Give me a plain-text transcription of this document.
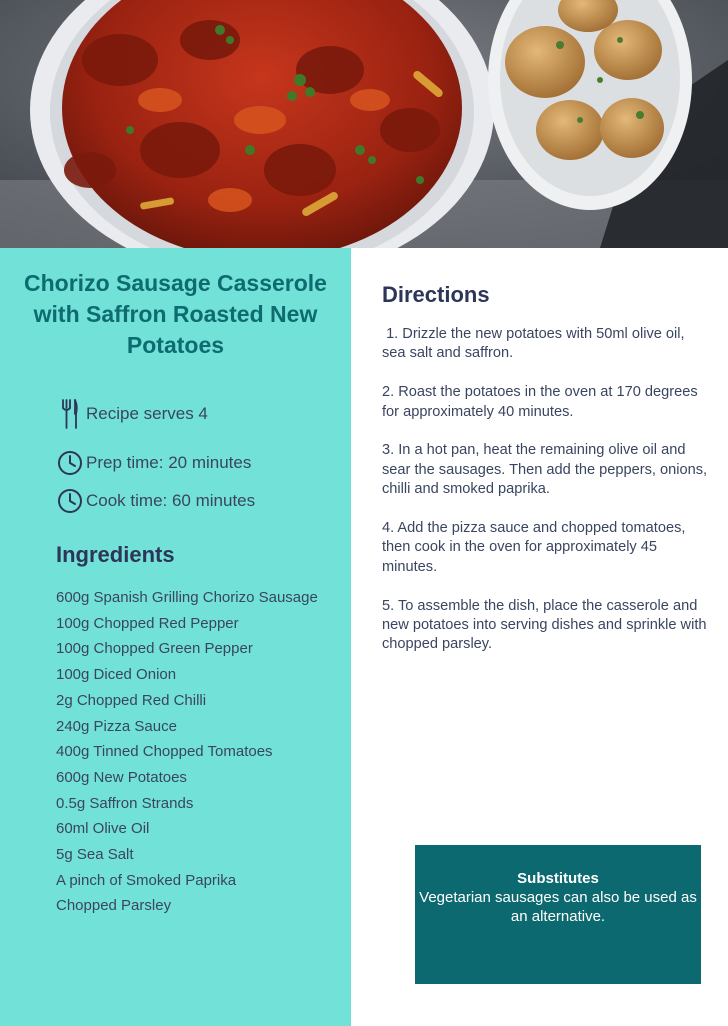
Chorizo Sausage Casserole with Saffron Roasted New Potatoes
Recipe serves 4
Prep time: 20 minutes
Cook time: 60 minutes
Ingredients
600g Spanish Grilling Chorizo Sausage
100g Chopped Red Pepper
100g Chopped Green Pepper
100g Diced Onion
2g Chopped Red Chilli
240g Pizza Sauce
400g Tinned Chopped Tomatoes
600g New Potatoes
0.5g Saffron Strands
60ml Olive Oil
5g Sea Salt
A pinch of Smoked Paprika
Chopped Parsley
Directions

1. Drizzle the new potatoes with 50ml olive oil, sea salt and saffron.

2. Roast the potatoes in the oven at 170 degrees for approximately 40 minutes.

3. In a hot pan, heat the remaining olive oil and sear the sausages. Then add the peppers, onions, chilli and smoked paprika.

4. Add the pizza sauce and chopped tomatoes, then cook in the oven for approximately 45 minutes.

5. To assemble the dish, place the casserole and new potatoes into serving dishes and sprinkle with chopped parsley.

Substitutes
Vegetarian sausages can also be used as an alternative.
